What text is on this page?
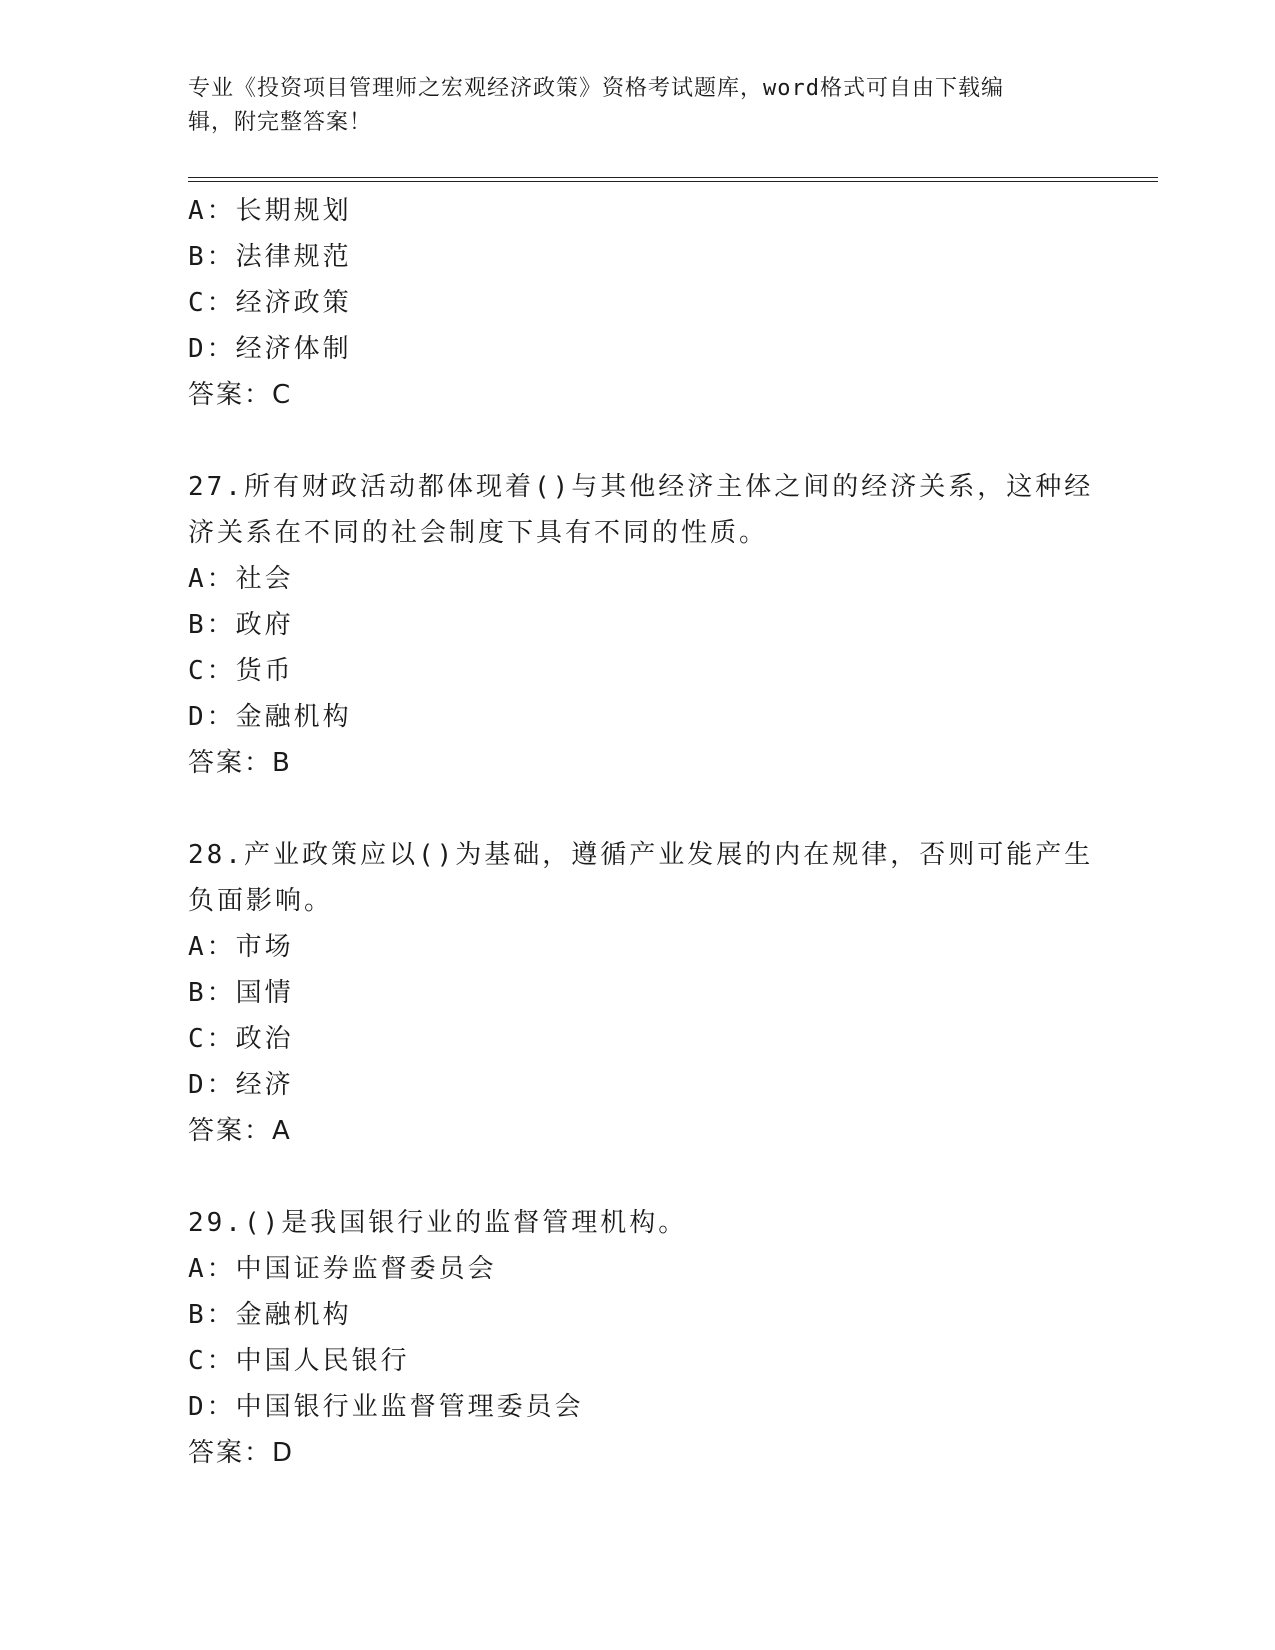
专业《投资项目管理师之宏观经济政策》资格考试题库，word格式可自由下载编
辑，附完整答案！
A：长期规划
B：法律规范
C：经济政策
D：经济体制
答案：C
27.所有财政活动都体现着()与其他经济主体之间的经济关系，这种经
济关系在不同的社会制度下具有不同的性质。
A：社会
B：政府
C：货币
D：金融机构
答案：B
28.产业政策应以()为基础，遵循产业发展的内在规律，否则可能产生
负面影响。
A：市场
B：国情
C：政治
D：经济
答案：A
29.()是我国银行业的监督管理机构。
A：中国证券监督委员会
B：金融机构
C：中国人民银行
D：中国银行业监督管理委员会
答案：D
